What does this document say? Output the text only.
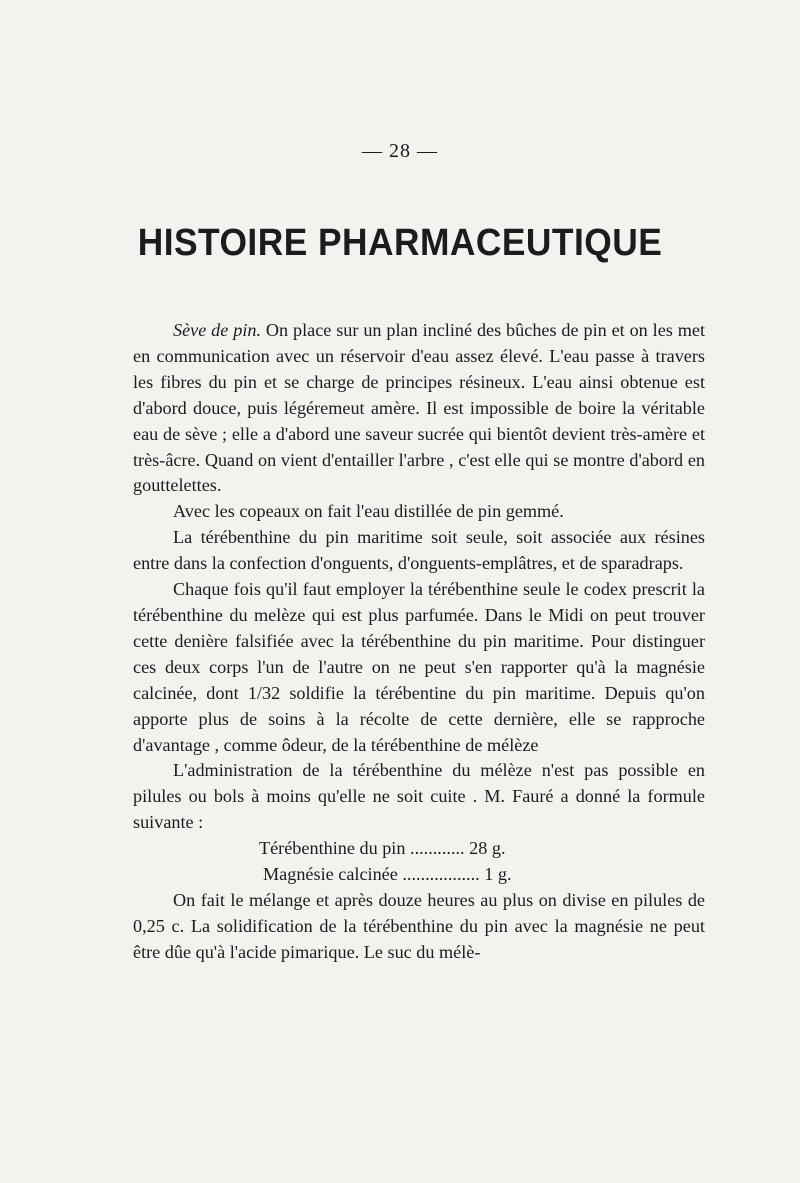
— 28 —
HISTOIRE PHARMACEUTIQUE

Sève de pin. On place sur un plan incliné des bûches de pin et on les met en communication avec un réservoir d'eau assez élevé. L'eau passe à travers les fibres du pin et se charge de principes résineux. L'eau ainsi obtenue est d'abord douce, puis légéremeut amère. Il est impossible de boire la véritable eau de sève ; elle a d'abord une saveur sucrée qui bientôt devient très-amère et très-âcre. Quand on vient d'entailler l'arbre , c'est elle qui se montre d'abord en gouttelettes.

Avec les copeaux on fait l'eau distillée de pin gemmé.

La térébenthine du pin maritime soit seule, soit associée aux résines entre dans la confection d'onguents, d'onguents-emplâtres, et de sparadraps.

Chaque fois qu'il faut employer la térébenthine seule le codex prescrit la térébenthine du melèze qui est plus parfumée. Dans le Midi on peut trouver cette denière falsifiée avec la térébenthine du pin maritime. Pour distinguer ces deux corps l'un de l'autre on ne peut s'en rapporter qu'à la magnésie calcinée, dont 1/32 soldifie la térébentine du pin maritime. Depuis qu'on apporte plus de soins à la récolte de cette dernière, elle se rapproche d'avantage , comme ôdeur, de la térébenthine de mélèze

L'administration de la térébenthine du mélèze n'est pas possible en pilules ou bols à moins qu'elle ne soit cuite . M. Fauré a donné la formule suivante :

Térébenthine du pin ............ 28 g.
Magnésie calcinée ................. 1 g.

On fait le mélange et après douze heures au plus on divise en pilules de 0,25 c. La solidification de la térébenthine du pin avec la magnésie ne peut être dûe qu'à l'acide pimarique. Le suc du mélè-
